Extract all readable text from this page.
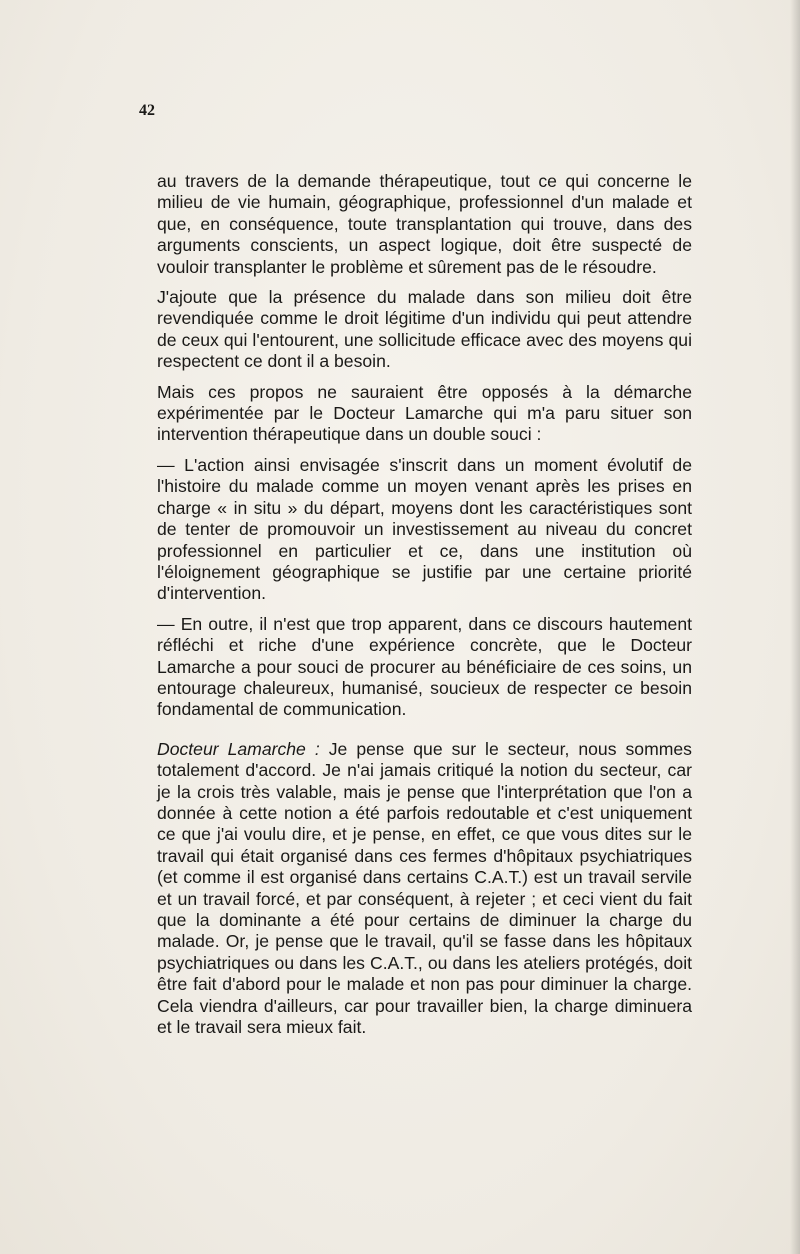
42

au travers de la demande thérapeutique, tout ce qui concerne le milieu de vie humain, géographique, professionnel d'un malade et que, en conséquence, toute transplantation qui trouve, dans des arguments conscients, un aspect logique, doit être suspecté de vouloir transplanter le problème et sûrement pas de le résoudre.

J'ajoute que la présence du malade dans son milieu doit être revendiquée comme le droit légitime d'un individu qui peut attendre de ceux qui l'entourent, une sollicitude efficace avec des moyens qui respectent ce dont il a besoin.

Mais ces propos ne sauraient être opposés à la démarche expérimentée par le Docteur Lamarche qui m'a paru situer son intervention thérapeutique dans un double souci :

— L'action ainsi envisagée s'inscrit dans un moment évolutif de l'histoire du malade comme un moyen venant après les prises en charge « in situ » du départ, moyens dont les caractéristiques sont de tenter de promouvoir un investissement au niveau du concret professionnel en particulier et ce, dans une institution où l'éloignement géographique se justifie par une certaine priorité d'intervention.

— En outre, il n'est que trop apparent, dans ce discours hautement réfléchi et riche d'une expérience concrète, que le Docteur Lamarche a pour souci de procurer au bénéficiaire de ces soins, un entourage chaleureux, humanisé, soucieux de respecter ce besoin fondamental de communication.

Docteur Lamarche : Je pense que sur le secteur, nous sommes totalement d'accord. Je n'ai jamais critiqué la notion du secteur, car je la crois très valable, mais je pense que l'interprétation que l'on a donnée à cette notion a été parfois redoutable et c'est uniquement ce que j'ai voulu dire, et je pense, en effet, ce que vous dites sur le travail qui était organisé dans ces fermes d'hôpitaux psychiatriques (et comme il est organisé dans certains C.A.T.) est un travail servile et un travail forcé, et par conséquent, à rejeter ; et ceci vient du fait que la dominante a été pour certains de diminuer la charge du malade. Or, je pense que le travail, qu'il se fasse dans les hôpitaux psychiatriques ou dans les C.A.T., ou dans les ateliers protégés, doit être fait d'abord pour le malade et non pas pour diminuer la charge. Cela viendra d'ailleurs, car pour travailler bien, la charge diminuera et le travail sera mieux fait.
